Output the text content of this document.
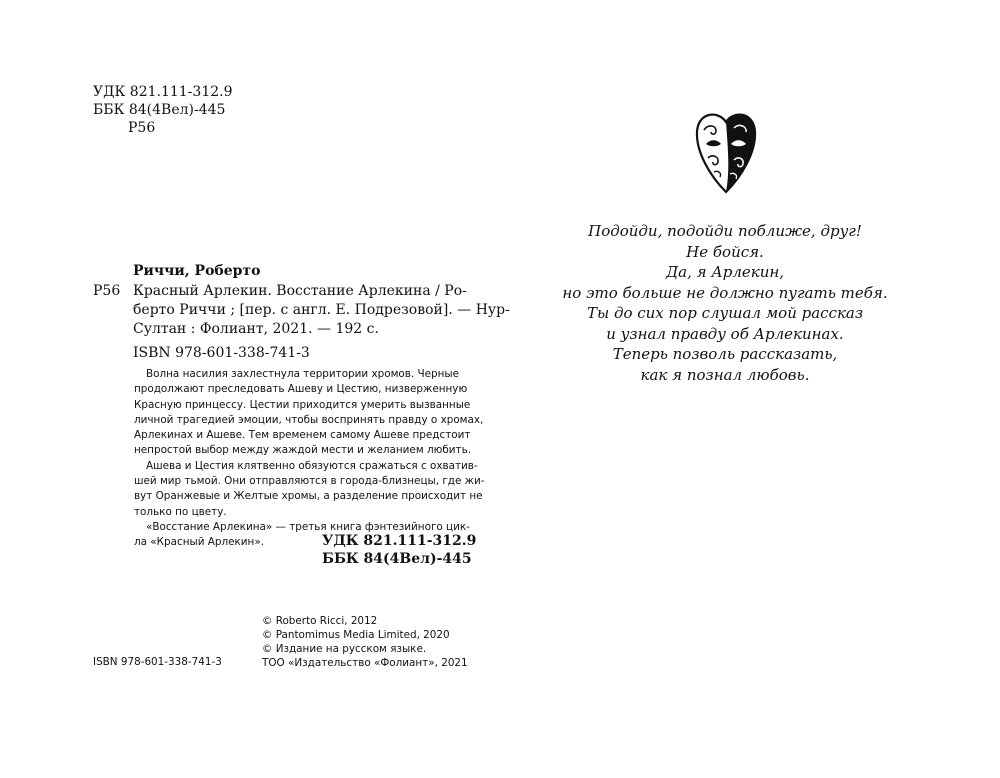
УДК 821.111-312.9
ББК 84(4Вел)-445
Р56
Риччи, Роберто
Р56 Красный Арлекин. Восстание Арлекина / Ро-
берто Риччи ; [пер. с англ. Е. Подрезовой]. — Нур-
Султан : Фолиант, 2021. — 192 с.
ISBN 978-601-338-741-3
Волна насилия захлестнула территории хромов. Черные
продолжают преследовать Ашеву и Цестию, низверженную
Красную принцессу. Цестии приходится умерить вызванные
личной трагедией эмоции, чтобы воспринять правду о хромах,
Арлекинах и Ашеве. Тем временем самому Ашеве предстоит
непростой выбор между жаждой мести и желанием любить.
Ашева и Цестия клятвенно обязуются сражаться с охватив-
шей мир тьмой. Они отправляются в города-близнецы, где жи-
вут Оранжевые и Желтые хромы, а разделение происходит не
только по цвету.
«Восстание Арлекина» — третья книга фэнтезийного цик-
ла «Красный Арлекин».	УДК 821.111-312.9
ББК 84(4Вел)-445
© Roberto Ricci, 2012
© Pantomimus Media Limited, 2020
© Издание на русском языке.
ТОО «Издательство «Фолиант», 2021
ISBN 978-601-338-741-3
Подойди, подойди поближе, друг!
Не бойся.
Да, я Арлекин,
но это больше не должно пугать тебя.
Ты до сих пор слушал мой рассказ
и узнал правду об Арлекинах.
Теперь позволь рассказать,
как я познал любовь.
